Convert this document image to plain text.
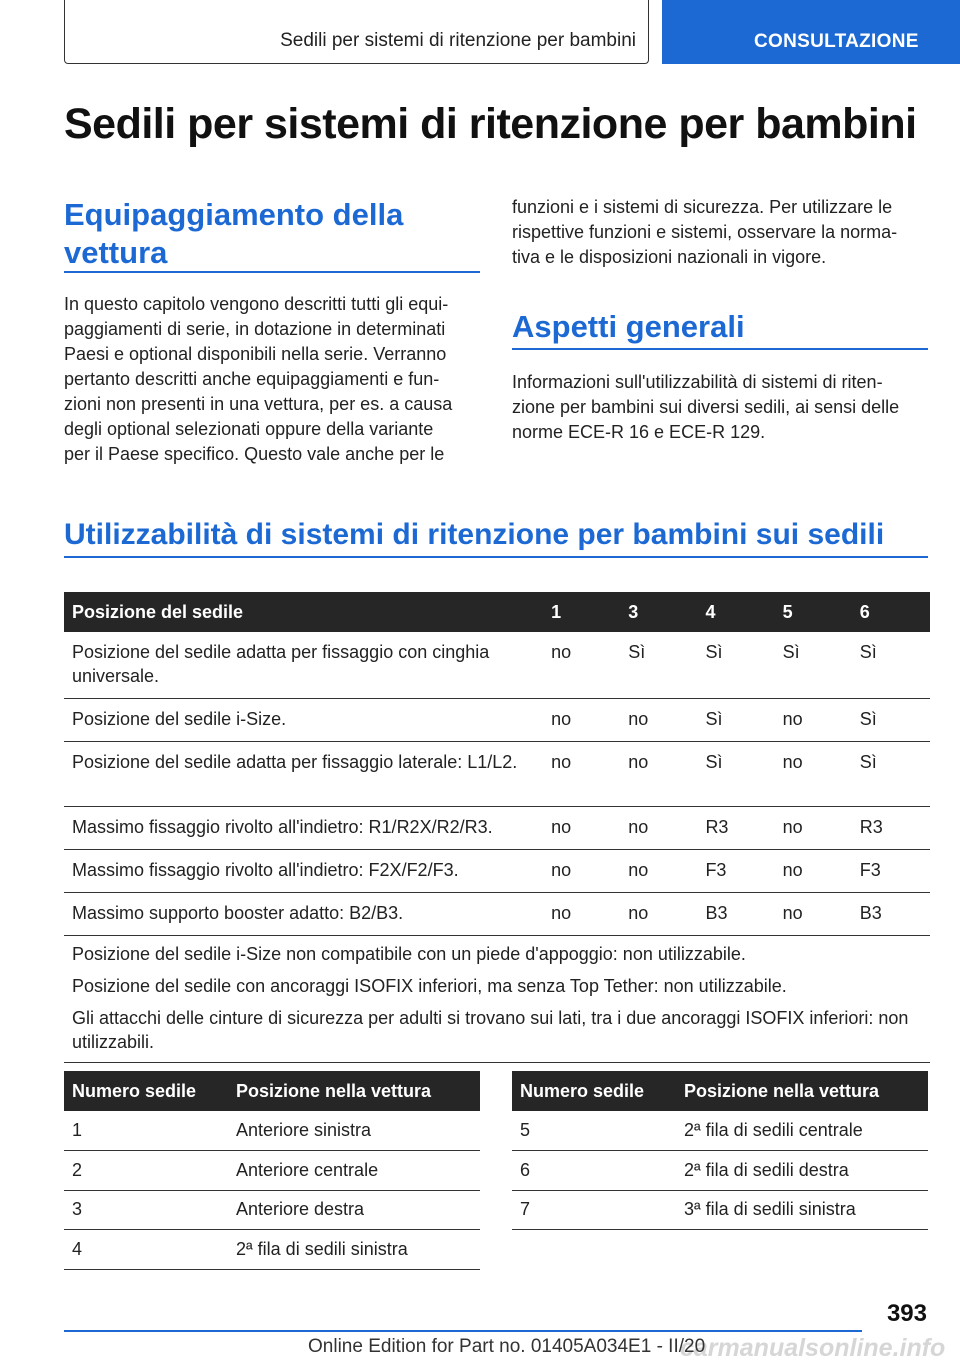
Sedili per sistemi di ritenzione per bambini	CONSULTAZIONE
Sedili per sistemi di ritenzione per bambini
Equipaggiamento della
vettura
In questo capitolo vengono descritti tutti gli equi‐
paggiamenti di serie, in dotazione in determinati
Paesi e optional disponibili nella serie. Verranno
pertanto descritti anche equipaggiamenti e fun‐
zioni non presenti in una vettura, per es. a causa
degli optional selezionati oppure della variante
per il Paese specifico. Questo vale anche per le
funzioni e i sistemi di sicurezza. Per utilizzare le
rispettive funzioni e sistemi, osservare la norma‐
tiva e le disposizioni nazionali in vigore.
Aspetti generali
Informazioni sull'utilizzabilità di sistemi di riten‐
zione per bambini sui diversi sedili, ai sensi delle
norme ECE-R 16 e ECE-R 129.
Utilizzabilità di sistemi di ritenzione per bambini sui sedili
Posizione del sedile	1	3	4	5	6
Posizione del sedile adatta per fissaggio con cinghia universale.	no	Sì	Sì	Sì	Sì
Posizione del sedile i-Size.	no	no	Sì	no	Sì
Posizione del sedile adatta per fissaggio laterale: L1/L2.	no	no	Sì	no	Sì
Massimo fissaggio rivolto all'indietro: R1/R2X/R2/R3.	no	no	R3	no	R3
Massimo fissaggio rivolto all'indietro: F2X/F2/F3.	no	no	F3	no	F3
Massimo supporto booster adatto: B2/B3.	no	no	B3	no	B3

Posizione del sedile i-Size non compatibile con un piede d'appoggio: non utilizzabile.
Posizione del sedile con ancoraggi ISOFIX inferiori, ma senza Top Tether: non utilizzabile.
Gli attacchi delle cinture di sicurezza per adulti si trovano sui lati, tra i due ancoraggi ISOFIX inferiori: non utilizzabili.					
Numero sedile	Posizione nella vettura
1	Anteriore sinistra
2	Anteriore centrale
3	Anteriore destra
4	2ª fila di sedili sinistra
Numero sedile	Posizione nella vettura
5	2ª fila di sedili centrale
6	2ª fila di sedili destra
7	3ª fila di sedili sinistra
393
carmanualsonline.info
Online Edition for Part no. 01405A034E1 - II/20
